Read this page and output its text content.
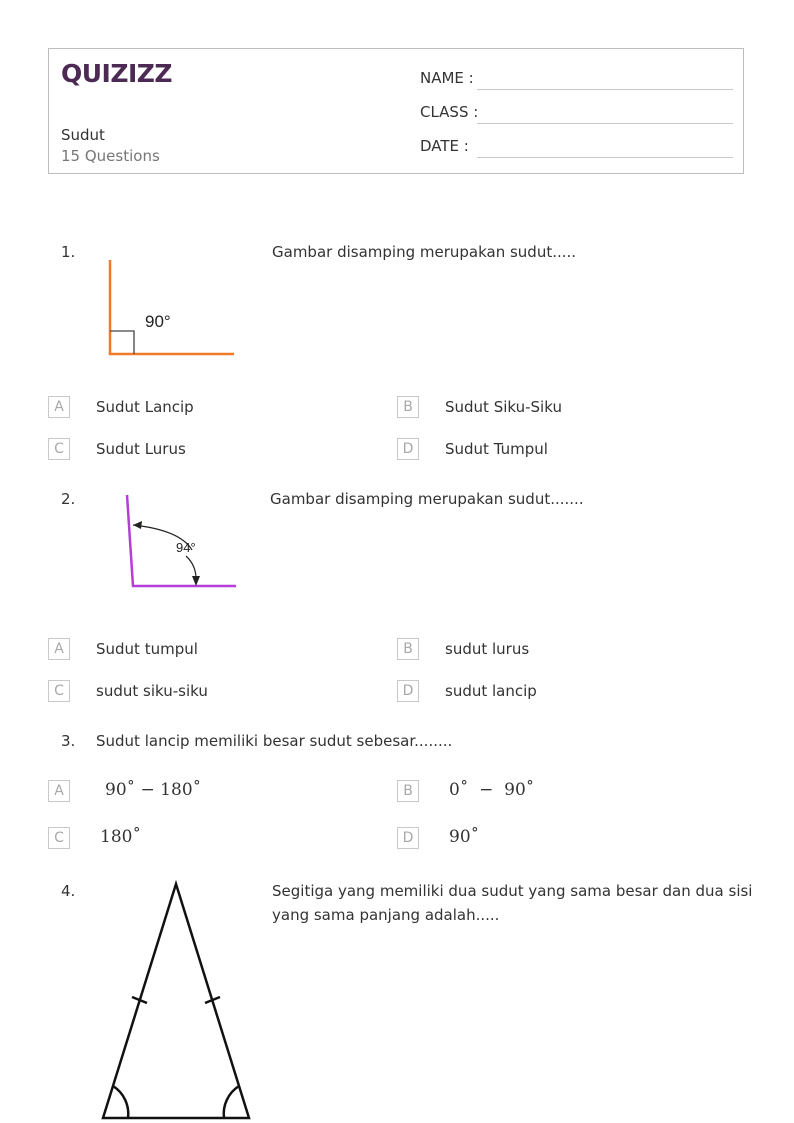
QUIZIZZ
Sudut
15 Questions
NAME :
CLASS :
DATE :
1.
90°
Gambar disamping merupakan sudut.....
A	Sudut Lancip	B	Sudut Siku-Siku
C	Sudut Lurus	D	Sudut Tumpul
2.
94°
Gambar disamping merupakan sudut.......
A	Sudut tumpul	B	sudut lurus
C	sudut siku-siku	D	sudut lancip
3. Sudut lancip memiliki besar sudut sebesar........
A	90˚ − 180˚	B	0˚  −  90˚
C	180˚	D	90˚
4.	Segitiga yang memiliki dua sudut yang sama besar dan dua sisi
yang sama panjang adalah.....
